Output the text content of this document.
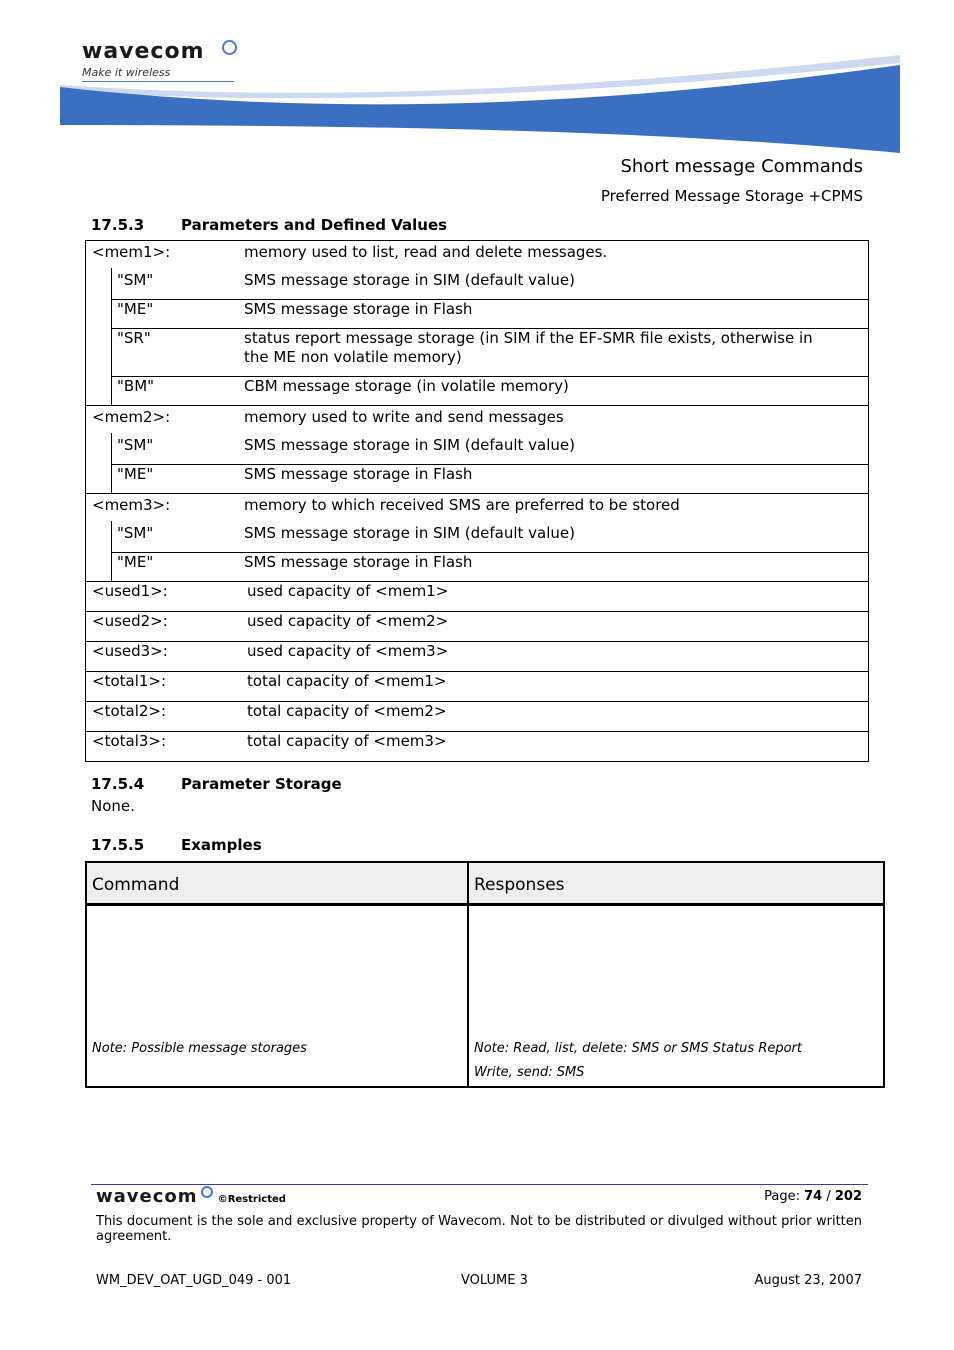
wavecom
Make it wireless
Short message Commands
Preferred Message Storage +CPMS
17.5.3 Parameters and Defined Values
<mem1>:	memory used to list, read and delete messages.
"SM"	SMS message storage in SIM (default value)
"ME"	SMS message storage in Flash
"SR"	status report message storage (in SIM if the EF-SMR file exists, otherwise in the ME non volatile memory)
"BM"	CBM message storage (in volatile memory)

<mem2>:	memory used to write and send messages
"SM"	SMS message storage in SIM (default value)
"ME"	SMS message storage in Flash

<mem3>:	memory to which received SMS are preferred to be stored
"SM"	SMS message storage in SIM (default value)
"ME"	SMS message storage in Flash

<used1>:	used capacity of <mem1>
<used2>:	used capacity of <mem2>
<used3>:	used capacity of <mem3>
<total1>:	total capacity of <mem1>
<total2>:	total capacity of <mem2>
<total3>:	total capacity of <mem3>
17.5.4 Parameter Storage
None.
17.5.5 Examples
Command	Responses
Note: Possible message storages	Note: Read, list, delete: SMS or SMS Status Report
Write, send: SMS
wavecom ©Restricted	Page: 74 / 202
This document is the sole and exclusive property of Wavecom. Not to be distributed or divulged without prior written agreement.
WM_DEV_OAT_UGD_049 - 001	VOLUME 3	August 23, 2007
